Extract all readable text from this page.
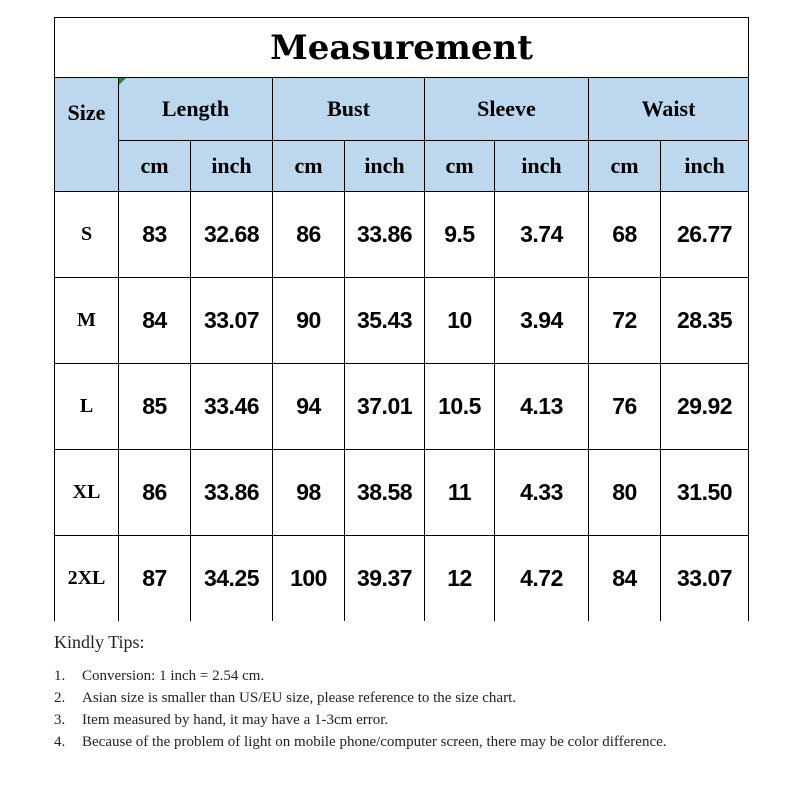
Measurement								
Size	Length		Bust		Sleeve		Waist	
	cm	inch	cm	inch	cm	inch	cm	inch
S	83	32.68	86	33.86	9.5	3.74	68	26.77
M	84	33.07	90	35.43	10	3.94	72	28.35
L	85	33.46	94	37.01	10.5	4.13	76	29.92
XL	86	33.86	98	38.58	11	4.33	80	31.50
2XL	87	34.25	100	39.37	12	4.72	84	33.07

Kindly Tips:

1. Conversion: 1 inch = 2.54 cm.
2. Asian size is smaller than US/EU size, please reference to the size chart.
3. Item measured by hand, it may have a 1-3cm error.
4. Because of the problem of light on mobile phone/computer screen, there may be color difference.
